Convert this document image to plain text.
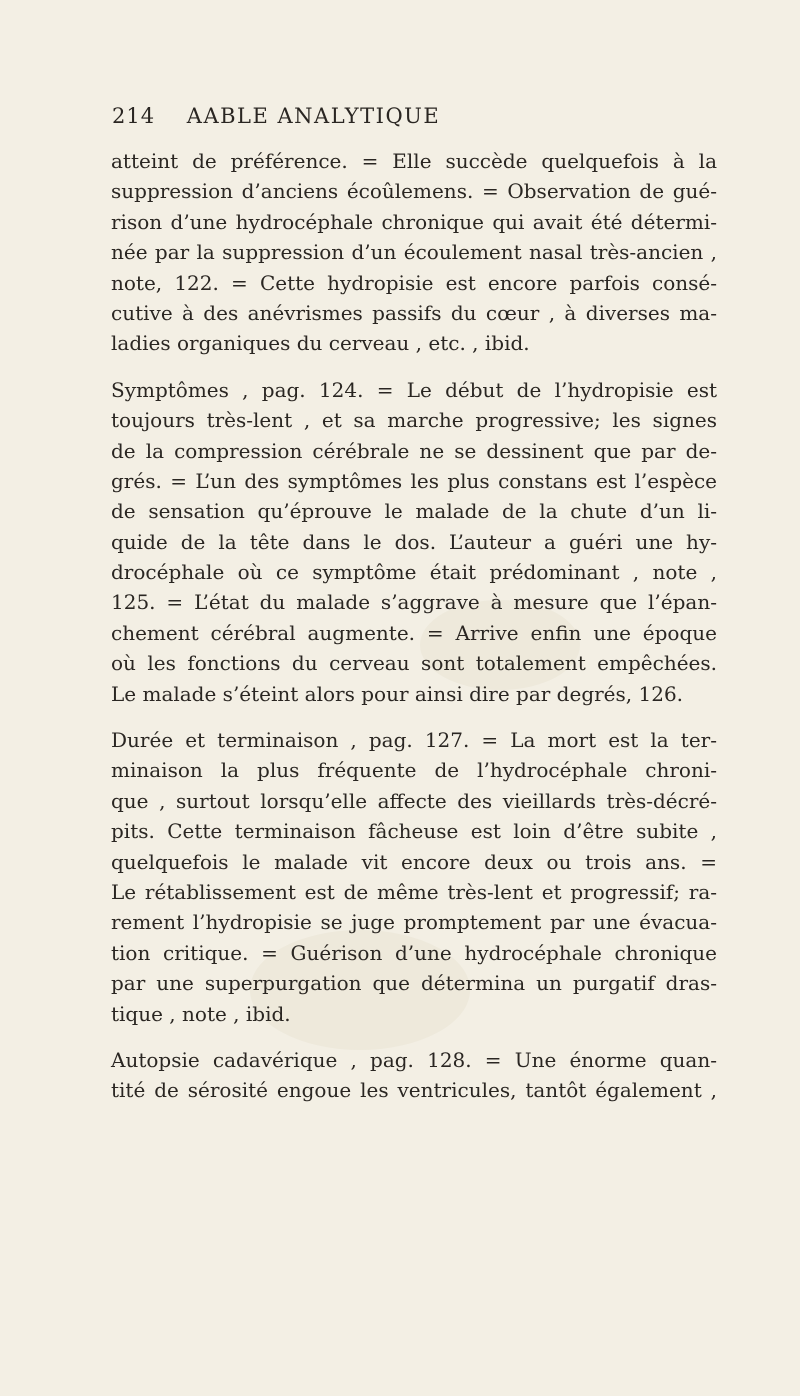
214 AABLE ANALYTIQUE
atteint de préférence. = Elle succède quelquefois à la
suppression d’anciens écoûlemens. = Observation de gué-
rison d’une hydrocéphale chronique qui avait été détermi-
née par la suppression d’un écoulement nasal très-ancien ,
note, 122. = Cette hydropisie est encore parfois consé-
cutive à des anévrismes passifs du cœur , à diverses ma-
ladies organiques du cerveau , etc. , ibid.
Symptômes , pag. 124. = Le début de l’hydropisie est
toujours très-lent , et sa marche progressive; les signes
de la compression cérébrale ne se dessinent que par de-
grés. = L’un des symptômes les plus constans est l’espèce
de sensation qu’éprouve le malade de la chute d’un li-
quide de la tête dans le dos. L’auteur a guéri une hy-
drocéphale où ce symptôme était prédominant , note ,
125. = L’état du malade s’aggrave à mesure que l’épan-
chement cérébral augmente. = Arrive enfin une époque
où les fonctions du cerveau sont totalement empêchées.
Le malade s’éteint alors pour ainsi dire par degrés, 126.
Durée et terminaison , pag. 127. = La mort est la ter-
minaison la plus fréquente de l’hydrocéphale chroni-
que , surtout lorsqu’elle affecte des vieillards très-décré-
pits. Cette terminaison fâcheuse est loin d’être subite ,
quelquefois le malade vit encore deux ou trois ans. =
Le rétablissement est de même très-lent et progressif; ra-
rement l’hydropisie se juge promptement par une évacua-
tion critique. = Guérison d’une hydrocéphale chronique
par une superpurgation que détermina un purgatif dras-
tique , note , ibid.
Autopsie cadavérique , pag. 128. = Une énorme quan-
tité de sérosité engoue les ventricules, tantôt également ,
